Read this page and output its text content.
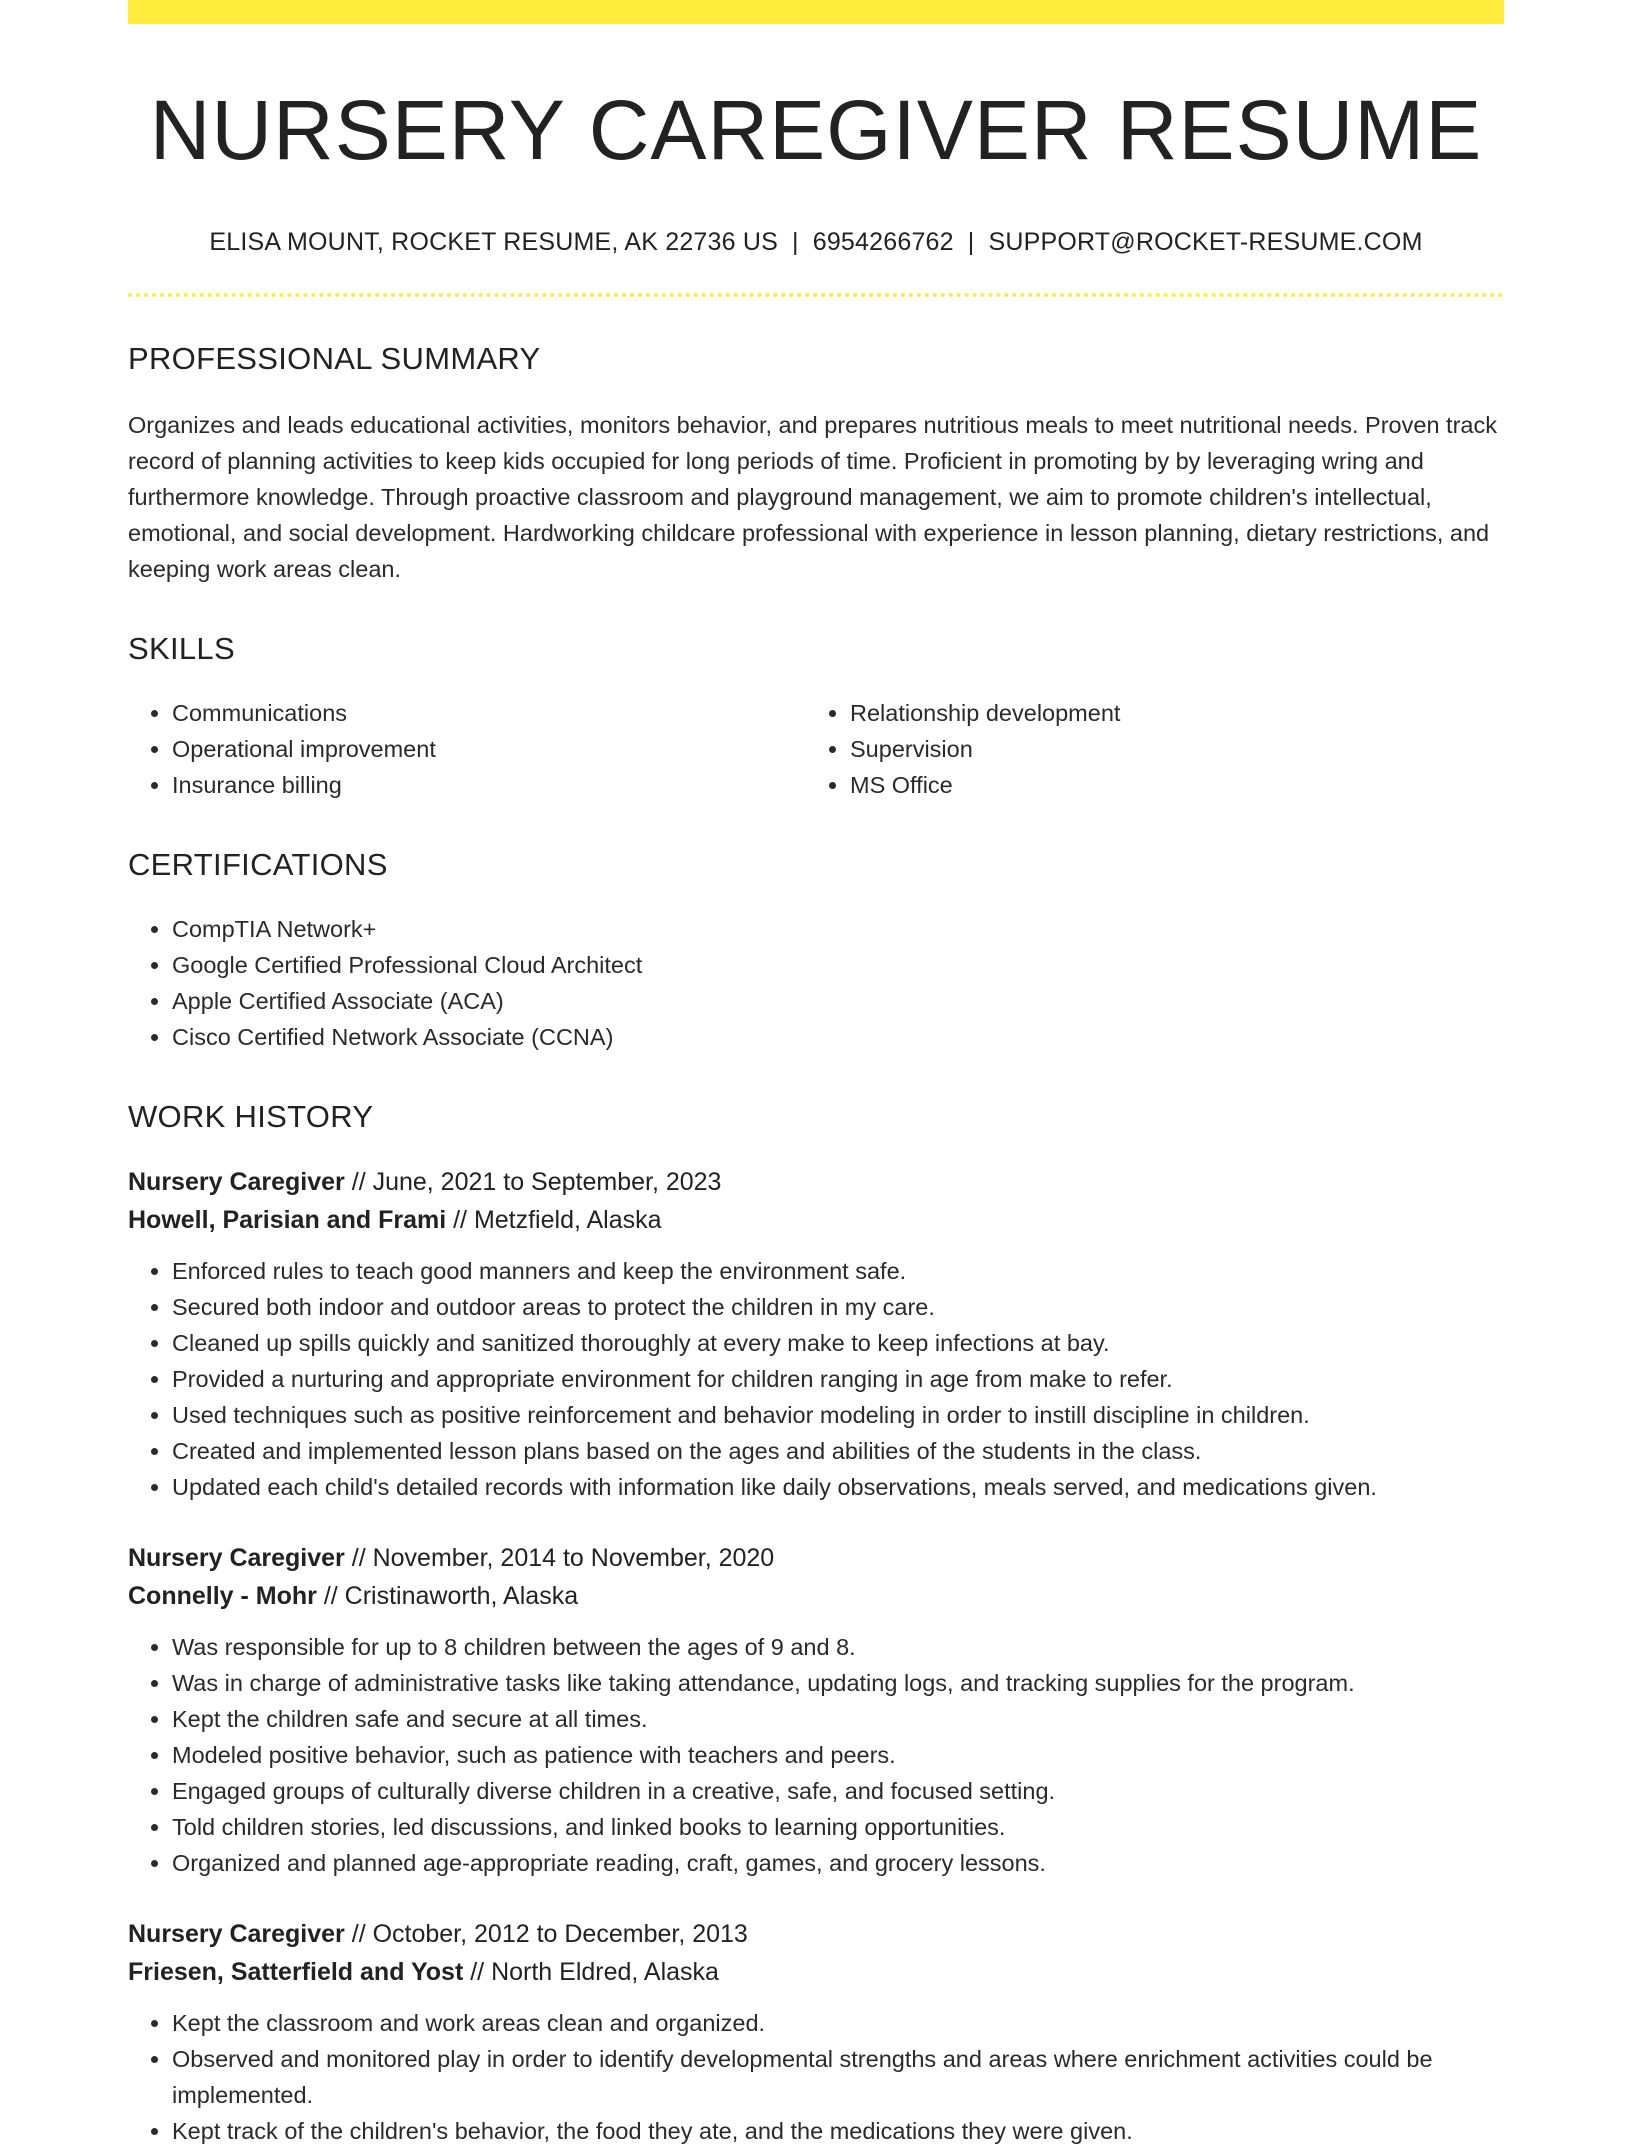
NURSERY CAREGIVER RESUME
ELISA MOUNT, ROCKET RESUME, AK 22736 US | 6954266762 | SUPPORT@ROCKET-RESUME.COM
PROFESSIONAL SUMMARY
Organizes and leads educational activities, monitors behavior, and prepares nutritious meals to meet nutritional needs. Proven track record of planning activities to keep kids occupied for long periods of time. Proficient in promoting by by leveraging wring and furthermore knowledge. Through proactive classroom and playground management, we aim to promote children's intellectual, emotional, and social development. Hardworking childcare professional with experience in lesson planning, dietary restrictions, and keeping work areas clean.
SKILLS
• Communications
• Operational improvement
• Insurance billing
• Relationship development
• Supervision
• MS Office
CERTIFICATIONS
• CompTIA Network+
• Google Certified Professional Cloud Architect
• Apple Certified Associate (ACA)
• Cisco Certified Network Associate (CCNA)
WORK HISTORY
Nursery Caregiver // June, 2021 to September, 2023
Howell, Parisian and Frami // Metzfield, Alaska
• Enforced rules to teach good manners and keep the environment safe.
• Secured both indoor and outdoor areas to protect the children in my care.
• Cleaned up spills quickly and sanitized thoroughly at every make to keep infections at bay.
• Provided a nurturing and appropriate environment for children ranging in age from make to refer.
• Used techniques such as positive reinforcement and behavior modeling in order to instill discipline in children.
• Created and implemented lesson plans based on the ages and abilities of the students in the class.
• Updated each child's detailed records with information like daily observations, meals served, and medications given.
Nursery Caregiver // November, 2014 to November, 2020
Connelly - Mohr // Cristinaworth, Alaska
• Was responsible for up to 8 children between the ages of 9 and 8.
• Was in charge of administrative tasks like taking attendance, updating logs, and tracking supplies for the program.
• Kept the children safe and secure at all times.
• Modeled positive behavior, such as patience with teachers and peers.
• Engaged groups of culturally diverse children in a creative, safe, and focused setting.
• Told children stories, led discussions, and linked books to learning opportunities.
• Organized and planned age-appropriate reading, craft, games, and grocery lessons.
Nursery Caregiver // October, 2012 to December, 2013
Friesen, Satterfield and Yost // North Eldred, Alaska
• Kept the classroom and work areas clean and organized.
• Observed and monitored play in order to identify developmental strengths and areas where enrichment activities could be implemented.
• Kept track of the children's behavior, the food they ate, and the medications they were given.
